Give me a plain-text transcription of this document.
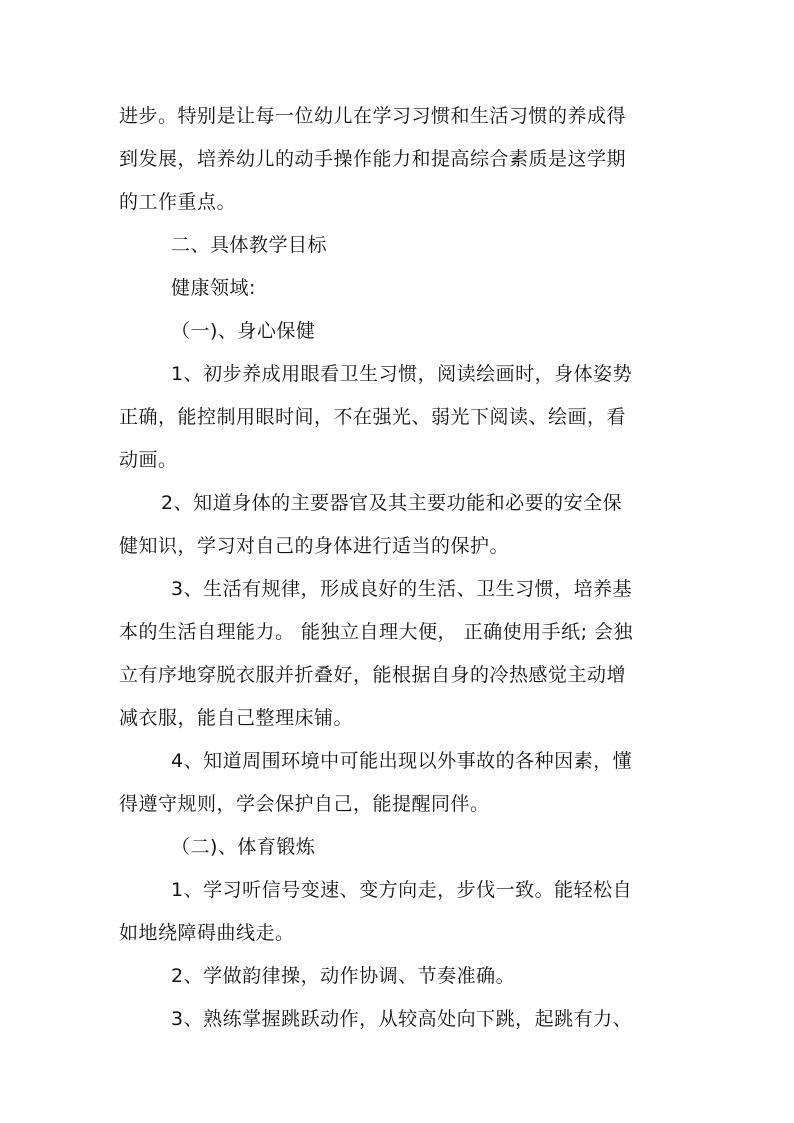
进步。特别是让每一位幼儿在学习习惯和生活习惯的养成得
到发展，培养幼儿的动手操作能力和提高综合素质是这学期
的工作重点。
二、具体教学目标
健康领域:
（一)、身心保健
1、初步养成用眼看卫生习惯，阅读绘画时，身体姿势
正确，能控制用眼时间，不在强光、弱光下阅读、绘画，看
动画。
2、知道身体的主要器官及其主要功能和必要的安全保
健知识，学习对自己的身体进行适当的保护。
3、生活有规律，形成良好的生活、卫生习惯，培养基
本的生活自理能力。 能独立自理大便， 正确使用手纸; 会独
立有序地穿脱衣服并折叠好，能根据自身的冷热感觉主动增
减衣服，能自己整理床铺。
4、知道周围环境中可能出现以外事故的各种因素，懂
得遵守规则，学会保护自己，能提醒同伴。
（二)、体育锻炼
1、学习听信号变速、变方向走，步伐一致。能轻松自
如地绕障碍曲线走。
2、学做韵律操，动作协调、节奏准确。
3、熟练掌握跳跃动作，从较高处向下跳，起跳有力、
